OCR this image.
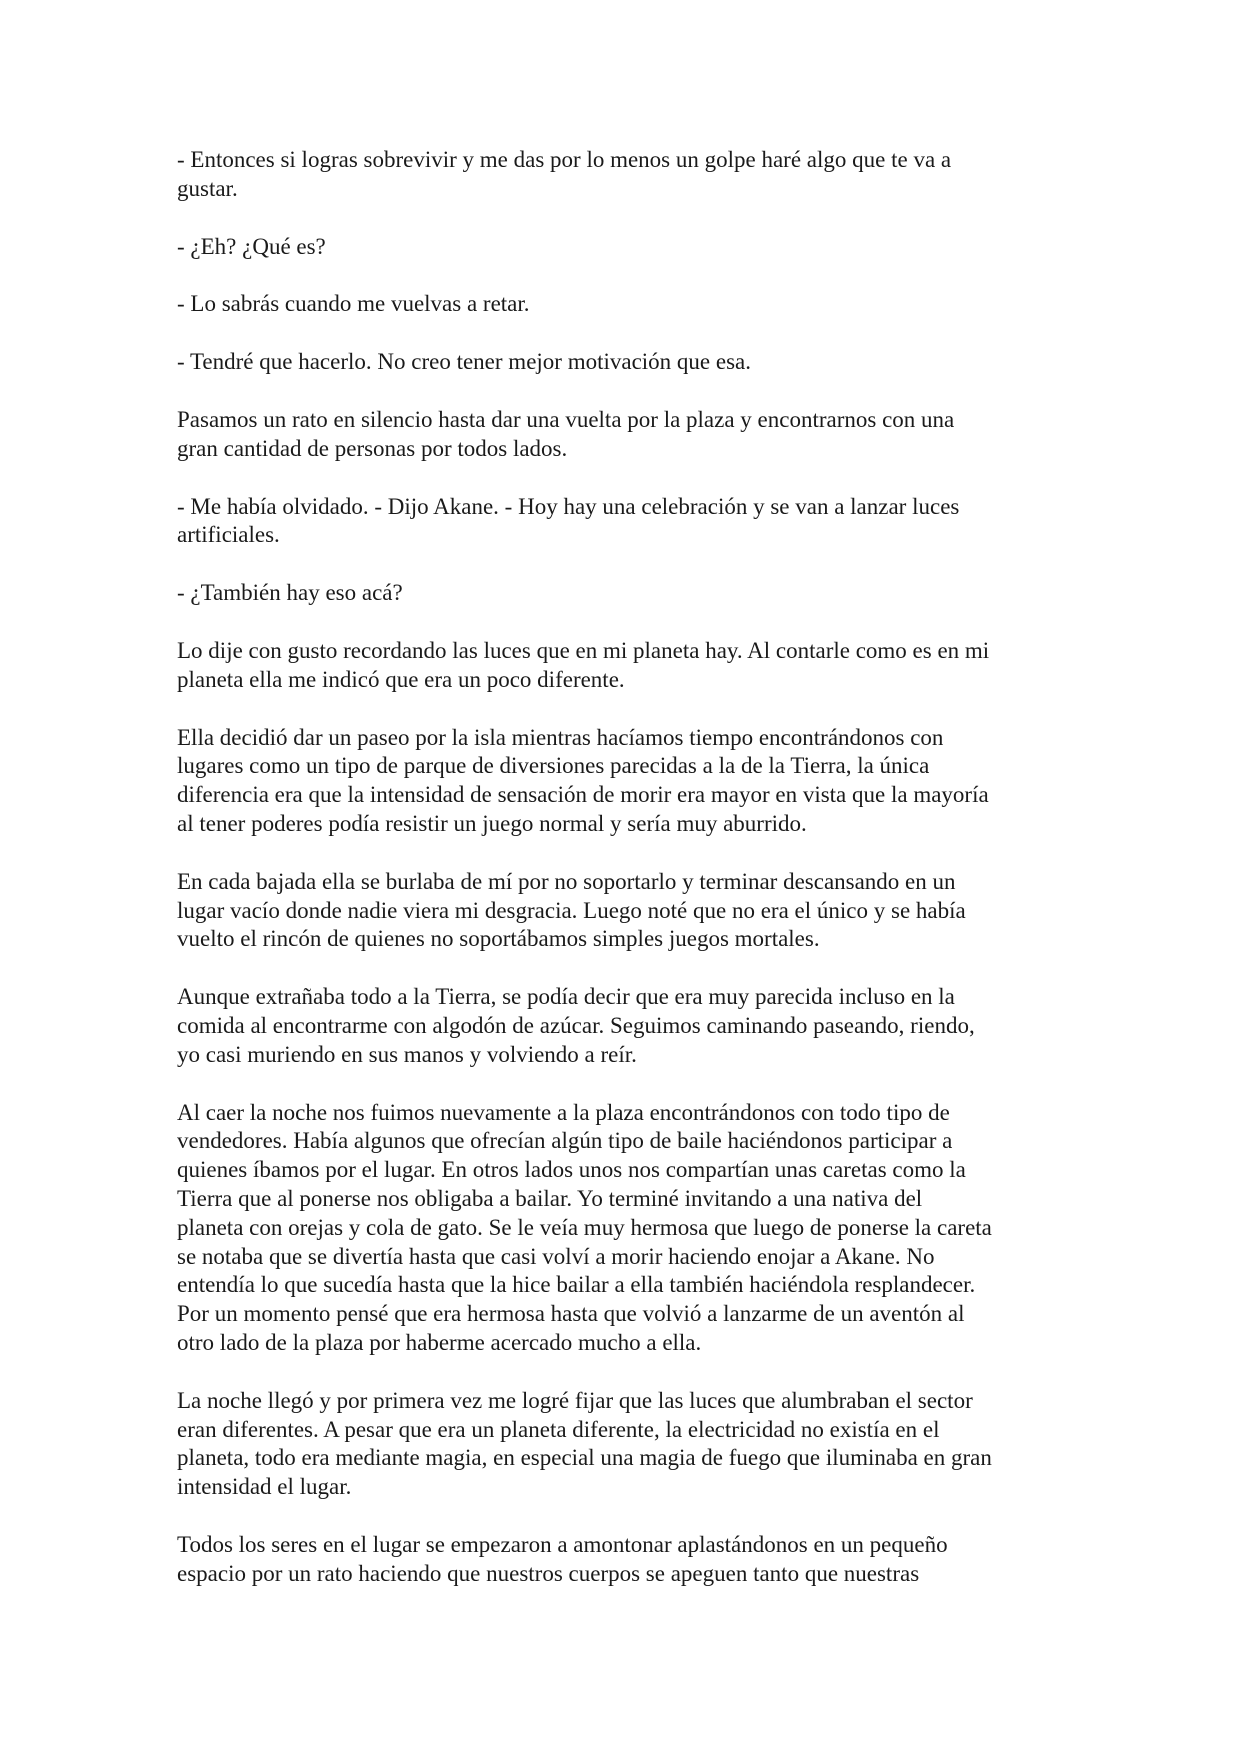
- Entonces si logras sobrevivir y me das por lo menos un golpe haré algo que te va a
gustar.

- ¿Eh? ¿Qué es?

- Lo sabrás cuando me vuelvas a retar.

- Tendré que hacerlo. No creo tener mejor motivación que esa.

Pasamos un rato en silencio hasta dar una vuelta por la plaza y encontrarnos con una
gran cantidad de personas por todos lados.

- Me había olvidado. - Dijo Akane. - Hoy hay una celebración y se van a lanzar luces
artificiales.

- ¿También hay eso acá?

Lo dije con gusto recordando las luces que en mi planeta hay. Al contarle como es en mi
planeta ella me indicó que era un poco diferente.

Ella decidió dar un paseo por la isla mientras hacíamos tiempo encontrándonos con
lugares como un tipo de parque de diversiones parecidas a la de la Tierra, la única
diferencia era que la intensidad de sensación de morir era mayor en vista que la mayoría
al tener poderes podía resistir un juego normal y sería muy aburrido.

En cada bajada ella se burlaba de mí por no soportarlo y terminar descansando en un
lugar vacío donde nadie viera mi desgracia. Luego noté que no era el único y se había
vuelto el rincón de quienes no soportábamos simples juegos mortales.

Aunque extrañaba todo a la Tierra, se podía decir que era muy parecida incluso en la
comida al encontrarme con algodón de azúcar. Seguimos caminando paseando, riendo,
yo casi muriendo en sus manos y volviendo a reír.

Al caer la noche nos fuimos nuevamente a la plaza encontrándonos con todo tipo de
vendedores. Había algunos que ofrecían algún tipo de baile haciéndonos participar a
quienes íbamos por el lugar. En otros lados unos nos compartían unas caretas como la
Tierra que al ponerse nos obligaba a bailar. Yo terminé invitando a una nativa del
planeta con orejas y cola de gato. Se le veía muy hermosa que luego de ponerse la careta
se notaba que se divertía hasta que casi volví a morir haciendo enojar a Akane. No
entendía lo que sucedía hasta que la hice bailar a ella también haciéndola resplandecer.
Por un momento pensé que era hermosa hasta que volvió a lanzarme de un aventón al
otro lado de la plaza por haberme acercado mucho a ella.

La noche llegó y por primera vez me logré fijar que las luces que alumbraban el sector
eran diferentes. A pesar que era un planeta diferente, la electricidad no existía en el
planeta, todo era mediante magia, en especial una magia de fuego que iluminaba en gran
intensidad el lugar.

Todos los seres en el lugar se empezaron a amontonar aplastándonos en un pequeño
espacio por un rato haciendo que nuestros cuerpos se apeguen tanto que nuestras
